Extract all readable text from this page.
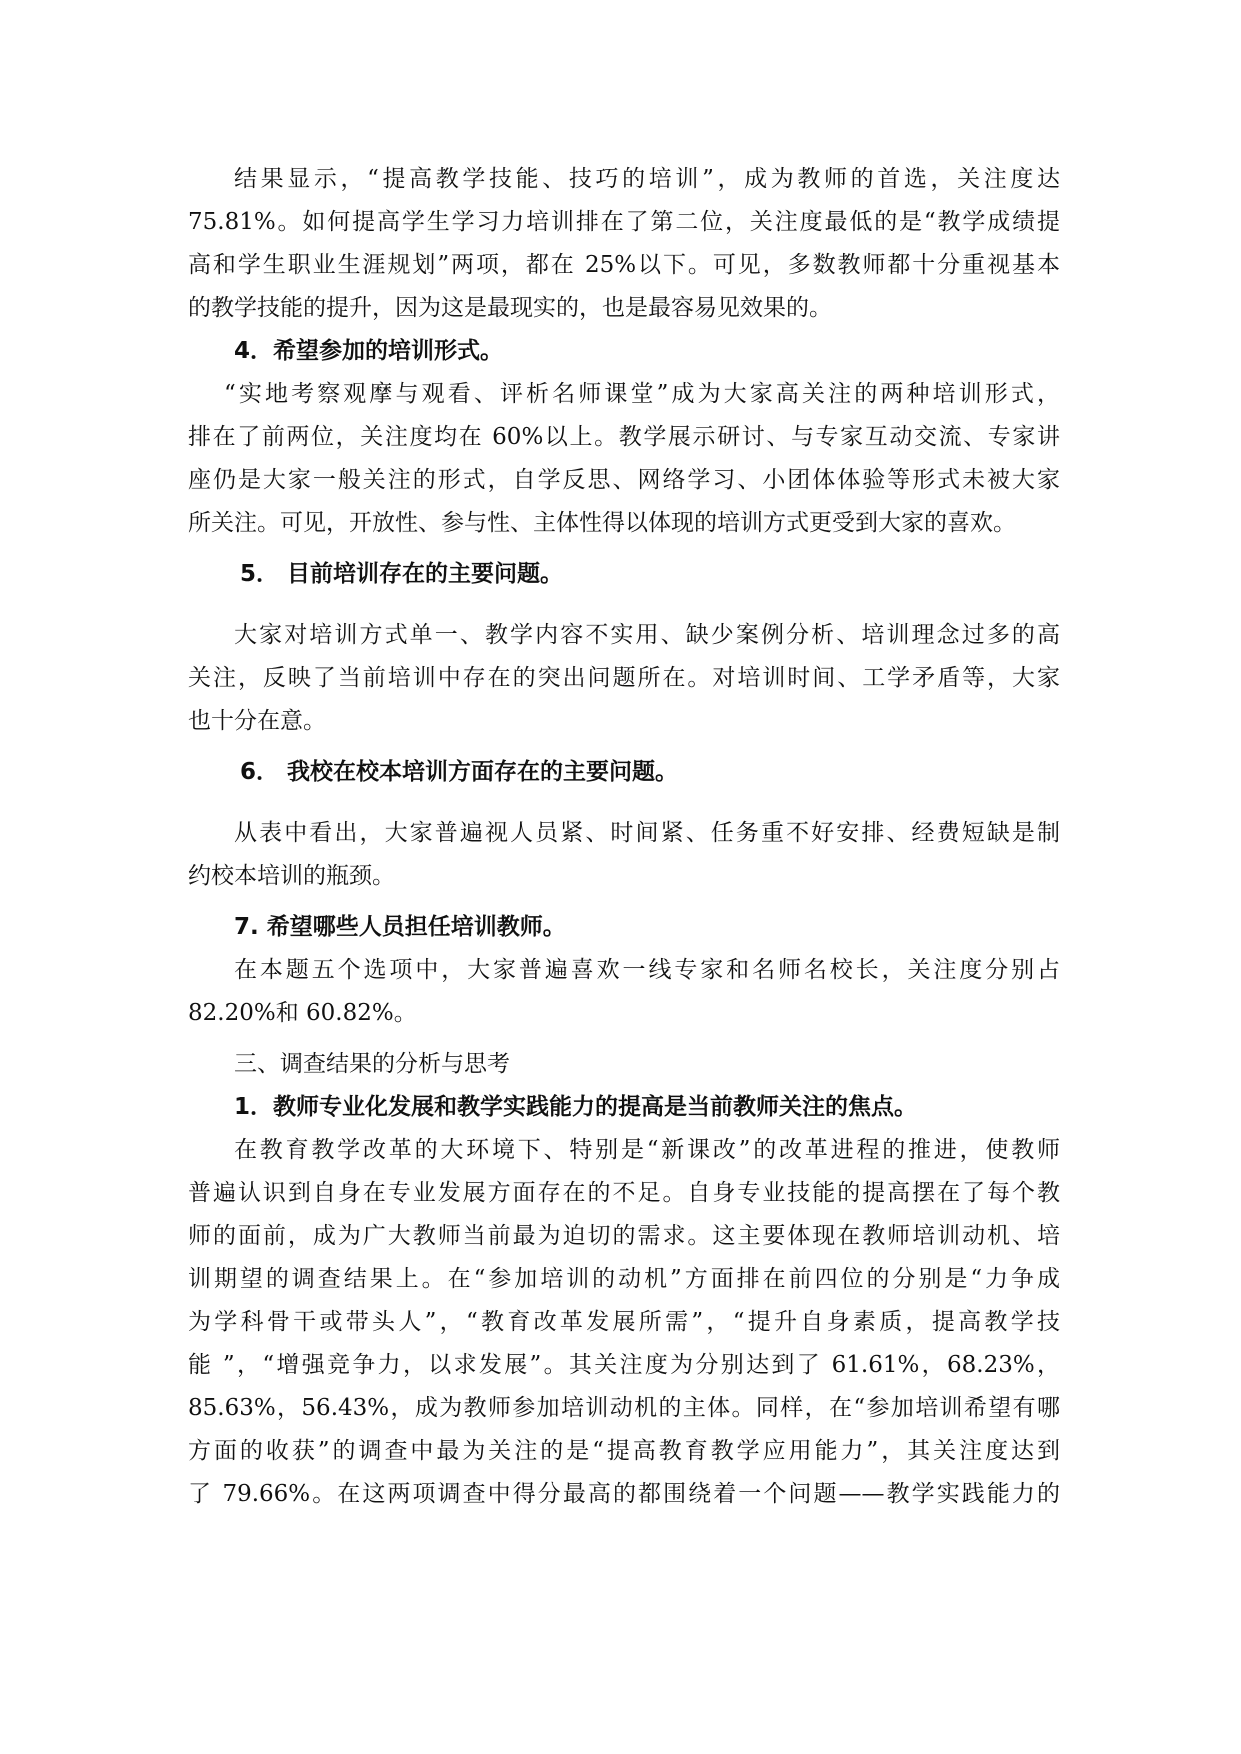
结果显示，“提高教学技能、技巧的培训”，成为教师的首选，关注度达

75.81%。如何提高学生学习力培训排在了第二位，关注度最低的是“教学成绩提

高和学生职业生涯规划”两项，都在 25%以下。可见，多数教师都十分重视基本

的教学技能的提升，因为这是最现实的，也是最容易见效果的。

4．希望参加的培训形式。

“实地考察观摩与观看、评析名师课堂”成为大家高关注的两种培训形式，

排在了前两位，关注度均在 60%以上。教学展示研讨、与专家互动交流、专家讲

座仍是大家一般关注的形式，自学反思、网络学习、小团体体验等形式未被大家

所关注。可见，开放性、参与性、主体性得以体现的培训方式更受到大家的喜欢。

5． 目前培训存在的主要问题。

大家对培训方式单一、教学内容不实用、缺少案例分析、培训理念过多的高

关注，反映了当前培训中存在的突出问题所在。对培训时间、工学矛盾等，大家

也十分在意。

6． 我校在校本培训方面存在的主要问题。

从表中看出，大家普遍视人员紧、时间紧、任务重不好安排、经费短缺是制

约校本培训的瓶颈。

7. 希望哪些人员担任培训教师。

在本题五个选项中，大家普遍喜欢一线专家和名师名校长，关注度分别占

82.20%和 60.82%。

三、调查结果的分析与思考

1．教师专业化发展和教学实践能力的提高是当前教师关注的焦点。

在教育教学改革的大环境下、特别是“新课改”的改革进程的推进，使教师

普遍认识到自身在专业发展方面存在的不足。自身专业技能的提高摆在了每个教

师的面前，成为广大教师当前最为迫切的需求。这主要体现在教师培训动机、培

训期望的调查结果上。在“参加培训的动机”方面排在前四位的分别是“力争成

为学科骨干或带头人”，“教育改革发展所需”，“提升自身素质，提高教学技

能 ”，“增强竞争力，以求发展”。其关注度为分别达到了 61.61%，68.23%，

85.63%，56.43%，成为教师参加培训动机的主体。同样，在“参加培训希望有哪

方面的收获”的调查中最为关注的是“提高教育教学应用能力”，其关注度达到

了 79.66%。在这两项调查中得分最高的都围绕着一个问题——教学实践能力的
